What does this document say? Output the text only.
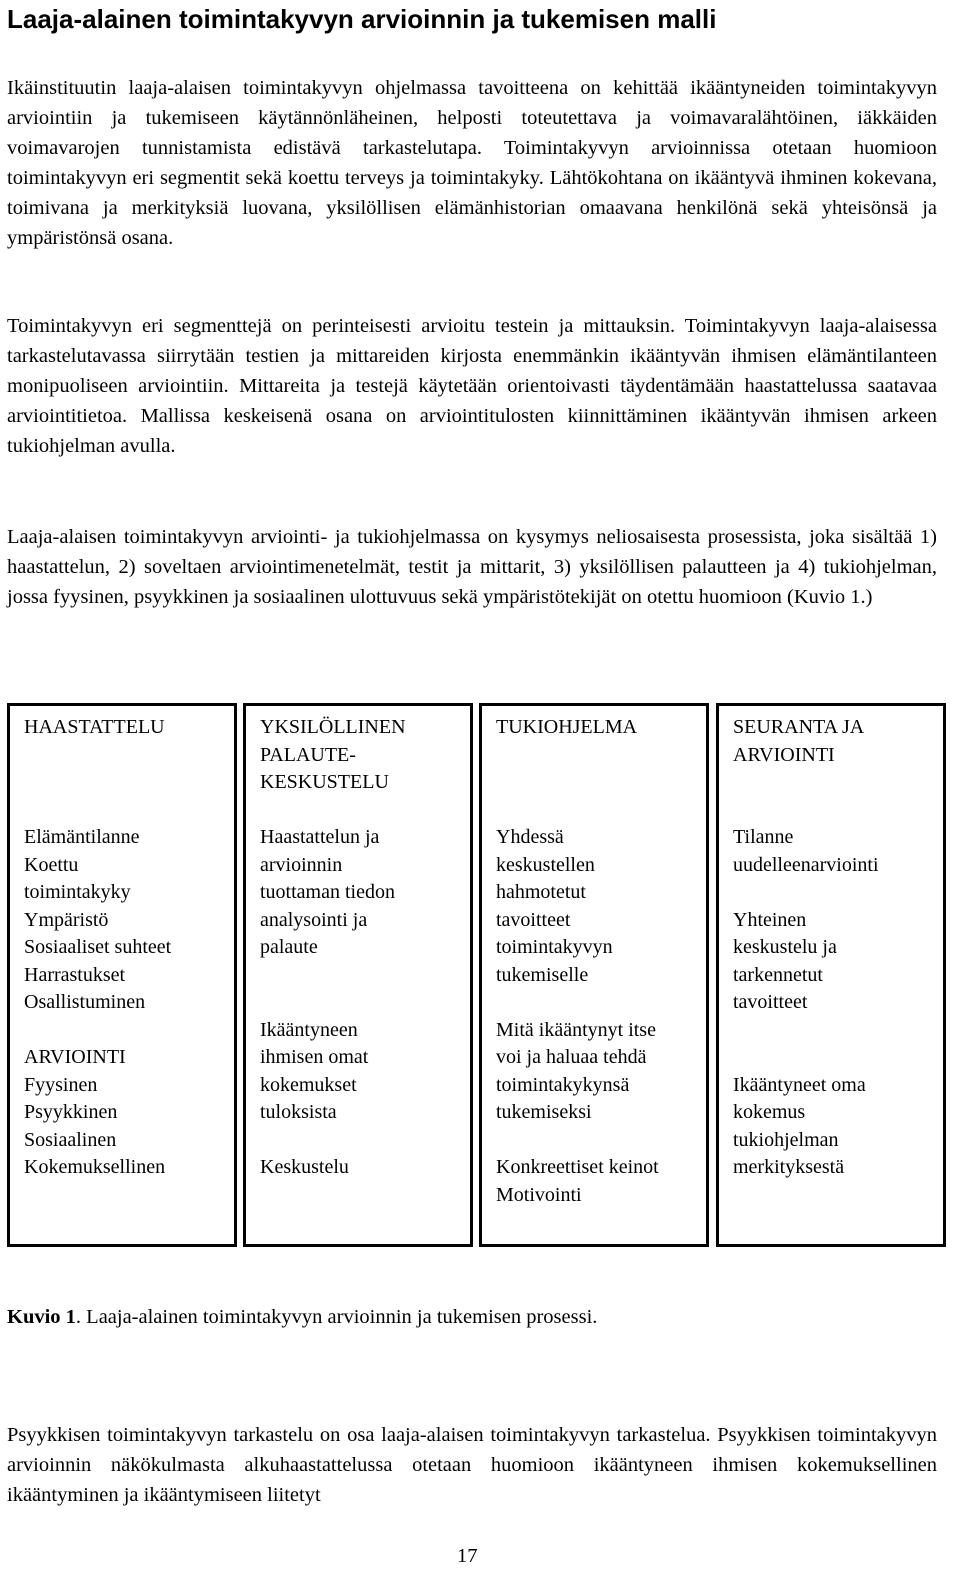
Laaja-alainen toimintakyvyn arvioinnin ja tukemisen malli

Ikäinstituutin laaja-alaisen toimintakyvyn ohjelmassa tavoitteena on kehittää ikääntyneiden toimintakyvyn arviointiin ja tukemiseen käytännönläheinen, helposti toteutettava ja voimavaralähtöinen, iäkkäiden voimavarojen tunnistamista edistävä tarkastelutapa. Toimintakyvyn arvioinnissa otetaan huomioon toimintakyvyn eri segmentit sekä koettu terveys ja toimintakyky. Lähtökohtana on ikääntyvä ihminen kokevana, toimivana ja merkityksiä luovana, yksilöllisen elämänhistorian omaavana henkilönä sekä yhteisönsä ja ympäristönsä osana.

Toimintakyvyn eri segmenttejä on perinteisesti arvioitu testein ja mittauksin. Toimintakyvyn laaja-alaisessa tarkastelutavassa siirrytään testien ja mittareiden kirjosta enemmänkin ikääntyvän ihmisen elämäntilanteen monipuoliseen arviointiin. Mittareita ja testejä käytetään orientoivasti täydentämään haastattelussa saatavaa arviointitietoa. Mallissa keskeisenä osana on arviointitulosten kiinnittäminen ikääntyvän ihmisen arkeen tukiohjelman avulla.

Laaja-alaisen toimintakyvyn arviointi- ja tukiohjelmassa on kysymys neliosaisesta prosessista, joka sisältää 1) haastattelun, 2) soveltaen arviointimenetelmät, testit ja mittarit, 3) yksilöllisen palautteen ja 4) tukiohjelman, jossa fyysinen, psyykkinen ja sosiaalinen ulottuvuus sekä ympäristötekijät on otettu huomioon (Kuvio 1.)

HAASTATTELU
Elämäntilanne
Koettu
toimintakyky
Ympäristö
Sosiaaliset suhteet
Harrastukset
Osallistuminen

ARVIOINTI
Fyysinen
Psyykkinen
Sosiaalinen
Kokemuksellinen
YKSILÖLLINEN
PALAUTE-
KESKUSTELU
Haastattelun ja
arvioinnin
tuottaman tiedon
analysointi ja
palaute

Ikääntyneen
ihmisen omat
kokemukset
tuloksista

Keskustelu
TUKIOHJELMA
Yhdessä
keskustellen
hahmotetut
tavoitteet
toimintakyvyn
tukemiselle

Mitä ikääntynyt itse
voi ja haluaa tehdä
toimintakykynsä
tukemiseksi

Konkreettiset keinot
Motivointi
SEURANTA JA
ARVIOINTI
Tilanne
uudelleenarviointi

Yhteinen
keskustelu ja
tarkennetut
tavoitteet

Ikääntyneet oma
kokemus
tukiohjelman
merkityksestä

Kuvio 1. Laaja-alainen toimintakyvyn arvioinnin ja tukemisen prosessi.

Psyykkisen toimintakyvyn tarkastelu on osa laaja-alaisen toimintakyvyn tarkastelua. Psyykkisen toimintakyvyn arvioinnin näkökulmasta alkuhaastattelussa otetaan huomioon ikääntyneen ihmisen kokemuksellinen ikääntyminen ja ikääntymiseen liitetyt

17
